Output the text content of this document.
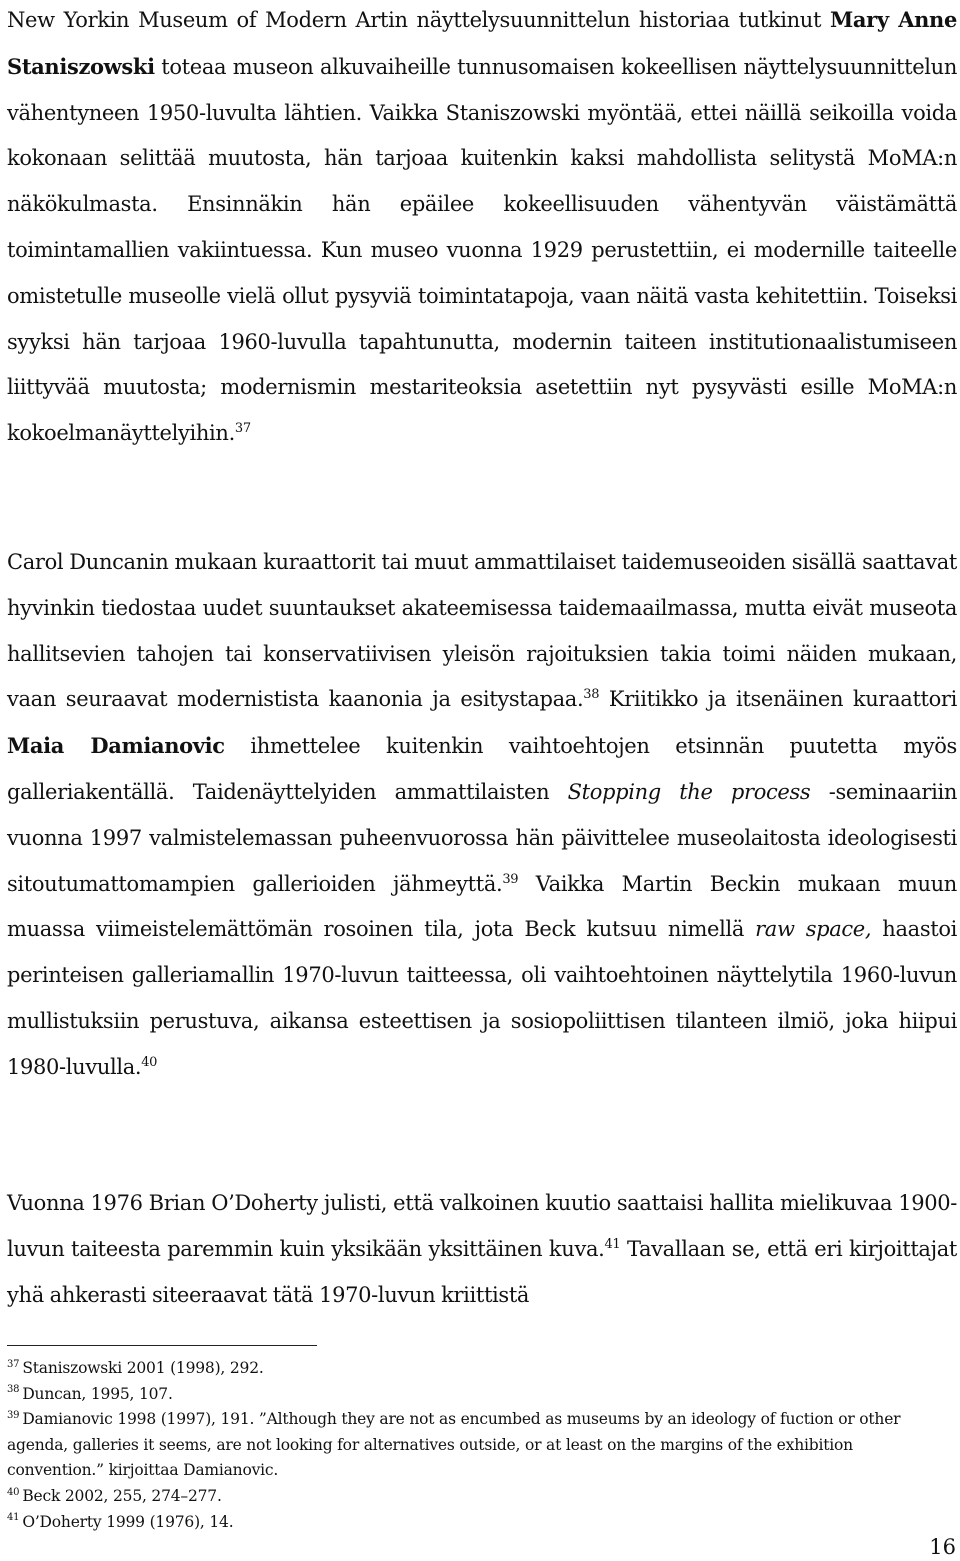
New Yorkin Museum of Modern Artin näyttelysuunnittelun historiaa tutkinut Mary Anne Staniszowski toteaa museon alkuvaiheille tunnusomaisen kokeellisen näyttelysuunnittelun vähentyneen 1950-luvulta lähtien. Vaikka Staniszowski myöntää, ettei näillä seikoilla voida kokonaan selittää muutosta, hän tarjoaa kuitenkin kaksi mahdollista selitystä MoMA:n näkökulmasta. Ensinnäkin hän epäilee kokeellisuuden vähentyvän väistämättä toimintamallien vakiintuessa. Kun museo vuonna 1929 perustettiin, ei modernille taiteelle omistetulle museolle vielä ollut pysyviä toimintatapoja, vaan näitä vasta kehitettiin. Toiseksi syyksi hän tarjoaa 1960-luvulla tapahtunutta, modernin taiteen institutionaalistumiseen liittyvää muutosta; modernismin mestariteoksia asetettiin nyt pysyvästi esille MoMA:n kokoelmanäyttelyihin.$^{37}$

Carol Duncanin mukaan kuraattorit tai muut ammattilaiset taidemuseoiden sisällä saattavat hyvinkin tiedostaa uudet suuntaukset akateemisessa taidemaailmassa, mutta eivät museota hallitsevien tahojen tai konservatiivisen yleisön rajoituksien takia toimi näiden mukaan, vaan seuraavat modernistista kaanonia ja esitystapaa.$^{38}$ Kriitikko ja itsenäinen kuraattori Maia Damianovic ihmettelee kuitenkin vaihtoehtojen etsinnän puutetta myös galleriakentällä. Taidenäyttelyiden ammattilaisten Stopping the process -seminaariin vuonna 1997 valmistelemassan puheenvuorossa hän päivittelee museolaitosta ideologisesti sitoutumattomampien gallerioiden jähmeyttä.$^{39}$ Vaikka Martin Beckin mukaan muun muassa viimeistelemättömän rosoinen tila, jota Beck kutsuu nimellä raw space, haastoi perinteisen galleriamallin 1970-luvun taitteessa, oli vaihtoehtoinen näyttelytila 1960-luvun mullistuksiin perustuva, aikansa esteettisen ja sosiopoliittisen tilanteen ilmiö, joka hiipui 1980-luvulla.$^{40}$

Vuonna 1976 Brian O’Doherty julisti, että valkoinen kuutio saattaisi hallita mielikuvaa 1900-luvun taiteesta paremmin kuin yksikään yksittäinen kuva.$^{41}$ Tavallaan se, että eri kirjoittajat yhä ahkerasti siteeraavat tätä 1970-luvun kriittistä

$^{37}$ Staniszowski 2001 (1998), 292.

$^{38}$ Duncan, 1995, 107.

$^{39}$ Damianovic 1998 (1997), 191. ”Although they are not as encumbed as museums by an ideology of fuction or other agenda, galleries it seems, are not looking for alternatives outside, or at least on the margins of the exhibition convention.” kirjoittaa Damianovic.

$^{40}$ Beck 2002, 255, 274–277.

$^{41}$ O’Doherty 1999 (1976), 14.

16
